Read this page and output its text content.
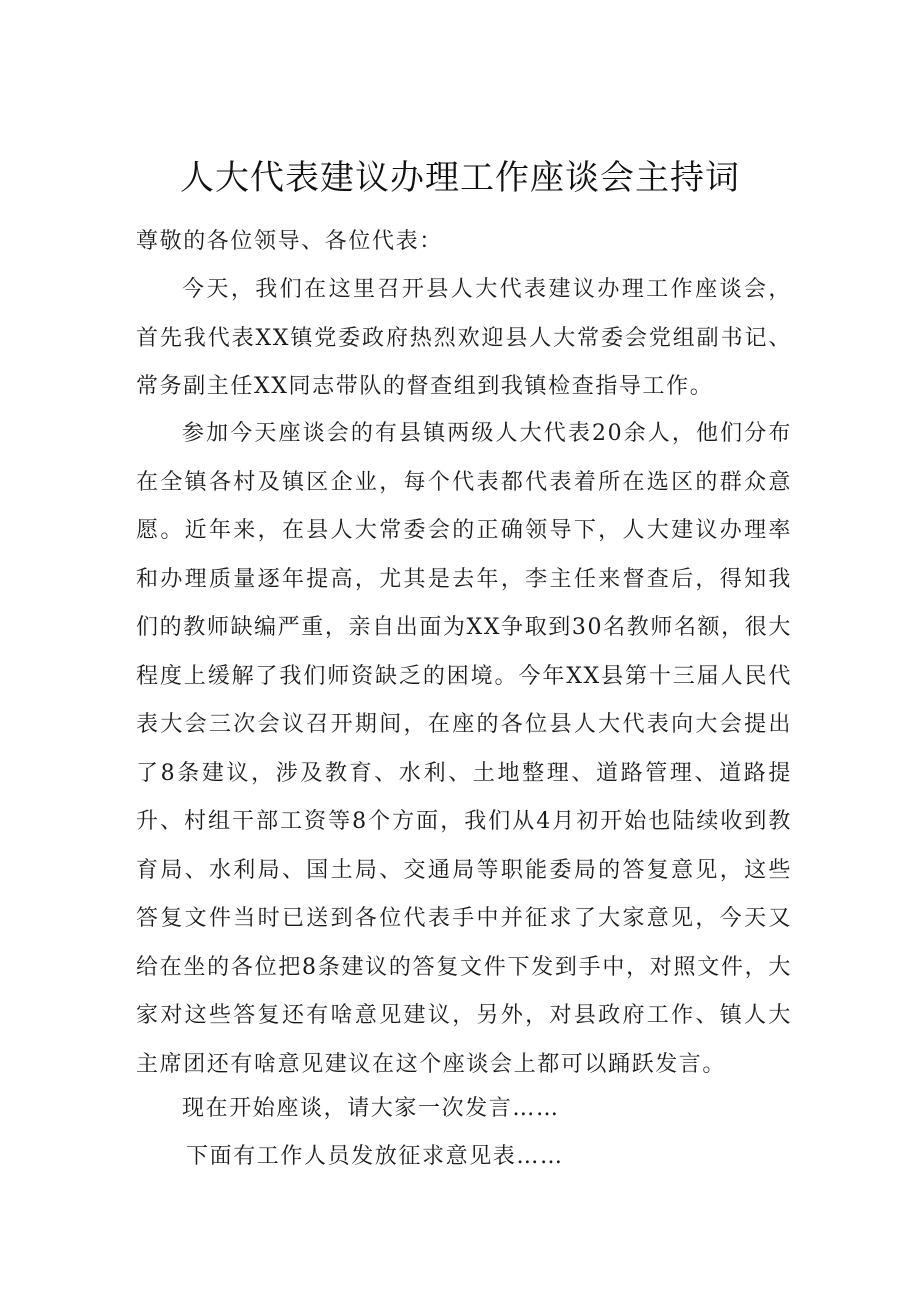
人大代表建议办理工作座谈会主持词

尊敬的各位领导、各位代表：

今天，我们在这里召开县人大代表建议办理工作座谈会，首先我代表XX镇党委政府热烈欢迎县人大常委会党组副书记、常务副主任XX同志带队的督查组到我镇检查指导工作。

参加今天座谈会的有县镇两级人大代表20余人，他们分布在全镇各村及镇区企业，每个代表都代表着所在选区的群众意愿。近年来，在县人大常委会的正确领导下，人大建议办理率和办理质量逐年提高，尤其是去年，李主任来督查后，得知我们的教师缺编严重，亲自出面为XX争取到30名教师名额，很大程度上缓解了我们师资缺乏的困境。今年XX县第十三届人民代表大会三次会议召开期间，在座的各位县人大代表向大会提出了8条建议，涉及教育、水利、土地整理、道路管理、道路提升、村组干部工资等8个方面，我们从4月初开始也陆续收到教育局、水利局、国土局、交通局等职能委局的答复意见，这些答复文件当时已送到各位代表手中并征求了大家意见，今天又给在坐的各位把8条建议的答复文件下发到手中，对照文件，大家对这些答复还有啥意见建议，另外，对县政府工作、镇人大主席团还有啥意见建议在这个座谈会上都可以踊跃发言。

现在开始座谈，请大家一次发言……

下面有工作人员发放征求意见表……
